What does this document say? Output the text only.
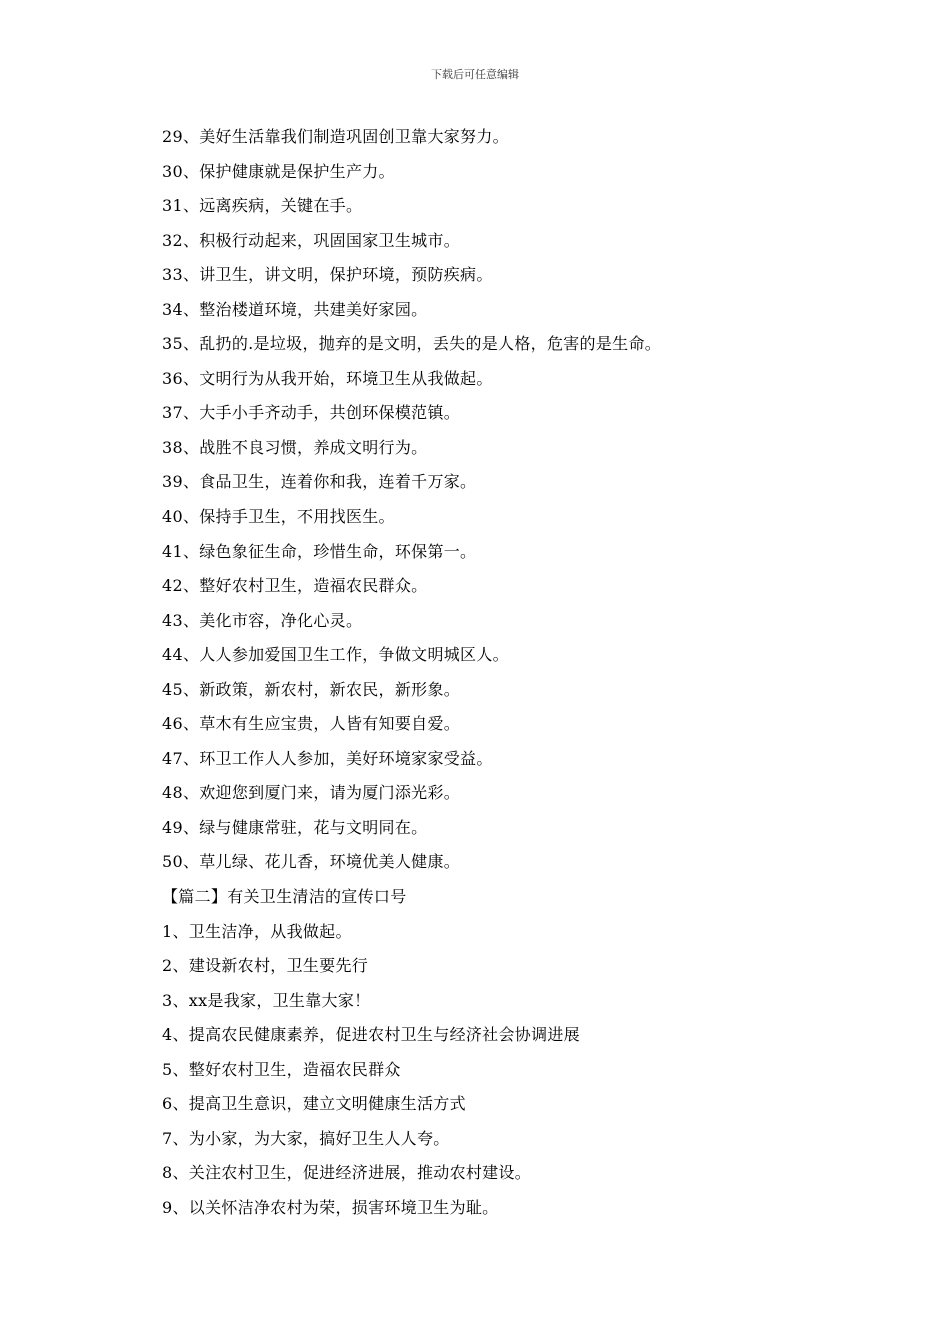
下载后可任意编辑
29、美好生活靠我们制造巩固创卫靠大家努力。
30、保护健康就是保护生产力。
31、远离疾病，关键在手。
32、积极行动起来，巩固国家卫生城市。
33、讲卫生，讲文明，保护环境，预防疾病。
34、整治楼道环境，共建美好家园。
35、乱扔的.是垃圾，抛弃的是文明，丢失的是人格，危害的是生命。
36、文明行为从我开始，环境卫生从我做起。
37、大手小手齐动手，共创环保模范镇。
38、战胜不良习惯，养成文明行为。
39、食品卫生，连着你和我，连着千万家。
40、保持手卫生，不用找医生。
41、绿色象征生命，珍惜生命，环保第一。
42、整好农村卫生，造福农民群众。
43、美化市容，净化心灵。
44、人人参加爱国卫生工作，争做文明城区人。
45、新政策，新农村，新农民，新形象。
46、草木有生应宝贵，人皆有知要自爱。
47、环卫工作人人参加，美好环境家家受益。
48、欢迎您到厦门来，请为厦门添光彩。
49、绿与健康常驻，花与文明同在。
50、草儿绿、花儿香，环境优美人健康。
【篇二】有关卫生清洁的宣传口号
1、卫生洁净，从我做起。
2、建设新农村，卫生要先行
3、xx是我家，卫生靠大家！
4、提高农民健康素养，促进农村卫生与经济社会协调进展
5、整好农村卫生，造福农民群众
6、提高卫生意识，建立文明健康生活方式
7、为小家，为大家，搞好卫生人人夸。
8、关注农村卫生，促进经济进展，推动农村建设。
9、以关怀洁净农村为荣，损害环境卫生为耻。
